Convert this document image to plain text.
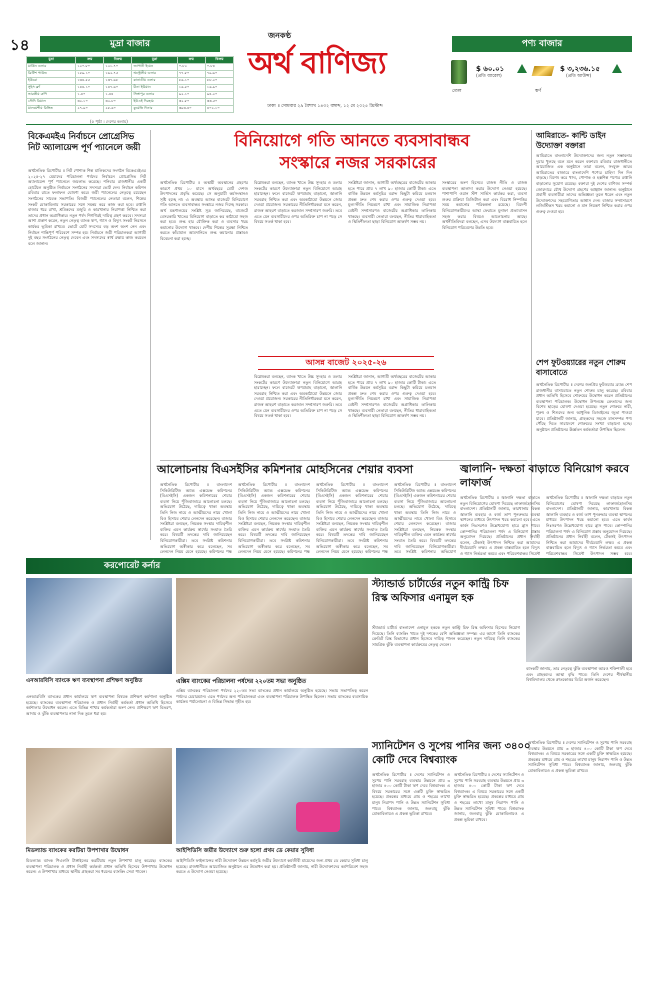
১৪	মুদ্রা বাজার
জনকণ্ঠ
অর্থ বাণিজ্য
পণ্য বাজার
মুদ্রা	ক্রয়	বিক্রয়	মুদ্রা	ক্রয়	বিক্রয়
মার্কিন ডলার	১২০.৮০	১২১.৭০	জাপানী ইয়েন	০.৮২	০.৮৪
ব্রিটিশ পাউন্ড	১৫৯.১০	১৬২.৭৫	অস্ট্রেলীয় ডলার	৭৭.৮০	৭৯.৬০
ইউরো	১৩৪.৫৫	১৩৭.৬৮	কানাডীয় ডলার	৮৬.১০	৮৮.২০
সুইস ফ্রাঁ	১৪৪.১০	১৪৭.৬০	চীনা ইউয়ান	১৬.৫০	১৬.৯০
ভারতীয় রুপি	১.৪০	১.৪৪	সিঙ্গাপুর ডলার	৯২.১০	৯৪.২০
সৌদি রিয়াল	৩২.১০	৩২.৮০	ইউএই দিরহাম	৩২.৮০	৩৩.৫০
মালয়েশীয় রিঙ্গিত	২৭.৯০	২৮.৬০	কুয়েতি দিনার	৩৯৩.৪০	৪০২.১০
(৫ পৃষ্ঠা । দেশের কলাম)
তেল
$ ৬০.০১
(প্রতি ব্যারেল)
স্বর্ণ
$ ৩,২৩৬.১৫
(প্রতি আউন্স)
ঢাকা ॥ সোমবার ২৯ বৈশাখ ১৪৩২ বঙ্গাব্দ, ১২ মে ২০২৫ খ্রিস্টাব্দ
বিকেএমইএ নির্বাচনে প্রোগ্রেসিভ নিট অ্যালায়েন্স পূর্ণ প্যানেলে জয়ী
অর্থনৈতিক রিপোর্টার ॥ নিট পোশাক শিল্প মালিকদের সংগঠন বিকেএমইএর ২০২৫-২৭ মেয়াদের পরিচালনা পর্ষদের নির্বাচনে প্রোগ্রেসিভ নিট অ্যালায়েন্স পূর্ণ প্যানেলে জয়লাভ করেছে। শনিবার রাজধানীর একটি হোটেলে অনুষ্ঠিত নির্বাচনে সংগঠনের সদস্যরা ভোট দেন। নির্বাচন কমিশন রবিবার রাতে ফলাফল ঘোষণা করে। জয়ী প্যানেলের নেতৃত্বে রয়েছেন সংগঠনের সাবেক সভাপতি। বিজয়ী প্যানেলের নেতারা বলেন, শিল্পের সংকট মোকাবিলায় সরকারের সঙ্গে সমন্বয় করে কাজ করা হবে। রপ্তানি বাজার ধরে রাখা, শ্রমিকদের মজুরি ও কারখানার নিরাপত্তা নিশ্চিত করা তাদের প্রধান অগ্রাধিকার। নতুন পর্ষদ শিগগিরই দায়িত্ব গ্রহণ করবে। সদস্যরা আশা প্রকাশ করেন, নতুন নেতৃত্ব ব্যাংক ঋণ, গ্যাস ও বিদ্যুৎ সংকট নিরসনে কার্যকর ভূমিকা রাখবে। ভোটে মোট সদস্যের বড় অংশ অংশ নেন এবং নির্বাচন শান্তিপূর্ণ পরিবেশে সম্পন্ন হয়। নির্বাচনে জয়ী পরিচালকরা আগামী দুই বছর সংগঠনের নেতৃত্ব দেবেন এবং সদস্যদের স্বার্থ রক্ষায় কাজ করবেন বলে জানান।
বিনিয়োগে গতি আনতে ব্যবসাবান্ধব
সংস্কারে নজর সরকারের
অর্থনৈতিক রিপোর্টার ॥ অস্থায়ী অবস্থানের গ্রহণের কারণে প্রথম ১০ মাসে অর্থবছরে মোট দেশজ উৎপাদনের প্রবৃদ্ধি কমেছে। সে অনুযায়ী কর্মসংস্থানও সৃষ্টি হচ্ছে না। এ অবস্থায় আসন্ন বাজেটে বিনিয়োগে গতি আনতে ব্যবসাবান্ধব সংস্কারে নজর দিচ্ছে সরকার। অর্থ মন্ত্রণালয়ের সংশ্লিষ্ট সূত্র জানিয়েছে, বাজেটে বেসরকারি খাতের বিনিয়োগ বাড়াতে কর কাঠামো সহজ করা হবে। শুল্ক হার যৌক্তিক করা ও ব্যবসার খরচ কমানোর উদ্যোগ থাকবে। দেশীয় শিল্পের সুরক্ষা নিশ্চিত করতে কাঁচামাল আমদানিতে শুল্ক কমানোর প্রস্তাবও বিবেচনা করা হচ্ছে।
বিশ্লেষকরা বলছেন, ব্যাংক খাতে উচ্চ সুদহার ও ডলার সংকটের কারণে উদ্যোক্তারা নতুন বিনিয়োগে আগ্রহ হারাচ্ছেন। ফলে বাজেটে ঋণপ্রবাহ বাড়ানো, জ্বালানি সরবরাহ নিশ্চিত করা এবং অবকাঠামো উন্নয়নে জোর দেওয়া প্রয়োজন। সরকারের নীতিনির্ধারকরা মনে করেন, রাজস্ব আহরণ বাড়াতে করজাল সম্প্রসারণ জরুরি। তবে এতে যেন ব্যবসায়ীদের ওপর অতিরিক্ত চাপ না পড়ে সে বিষয়ে সতর্ক থাকা হবে।
সংশ্লিষ্টরা জানান, আগামী অর্থবছরের বাজেটের আকার হতে পারে প্রায় ৭ লাখ ৯০ হাজার কোটি টাকা। এতে বার্ষিক উন্নয়ন কর্মসূচির বরাদ্দ কিছুটা কমিয়ে চলমান প্রকল্প দ্রুত শেষ করার ওপর গুরুত্ব দেওয়া হবে। মূল্যস্ফীতি নিয়ন্ত্রণে রাখা এবং সামাজিক নিরাপত্তা বেষ্টনী সম্প্রসারণও বাজেটের অগ্রাধিকার তালিকায় থাকছে। ব্যবসায়ী নেতারা বলছেন, নীতির ধারাবাহিকতা ও স্থিতিশীলতা ছাড়া বিনিয়োগ আকর্ষণ সম্ভব নয়।
সংস্কারের অংশ হিসেবে রাজস্ব নীতি ও রাজস্ব ব্যবস্থাপনা আলাদা করার উদ্যোগ নেওয়া হয়েছে। পাশাপাশি ওয়ান স্টপ সার্ভিস কার্যকর করা, ব্যবসা শুরুর প্রক্রিয়া ডিজিটাল করা এবং বিরোধ নিষ্পত্তির সময় কমানোর পরিকল্পনা রয়েছে। বিদেশী বিনিয়োগকারীদের আস্থা ফেরাতে মুনাফা প্রত্যাবাসন সহজ করার বিষয়ও আলোচনায় আছে। অর্থনীতিবিদরা বলছেন, এসব উদ্যোগ বাস্তবায়িত হলে বিনিয়োগ পরিবেশের উন্নতি হবে।
আসন্ন বাজেট ২০২৫-২৬
বিশ্লেষকরা বলছেন, ব্যাংক খাতে উচ্চ সুদহার ও ডলার সংকটের কারণে উদ্যোক্তারা নতুন বিনিয়োগে আগ্রহ হারাচ্ছেন। ফলে বাজেটে ঋণপ্রবাহ বাড়ানো, জ্বালানি সরবরাহ নিশ্চিত করা এবং অবকাঠামো উন্নয়নে জোর দেওয়া প্রয়োজন। সরকারের নীতিনির্ধারকরা মনে করেন, রাজস্ব আহরণ বাড়াতে করজাল সম্প্রসারণ জরুরি। তবে এতে যেন ব্যবসায়ীদের ওপর অতিরিক্ত চাপ না পড়ে সে বিষয়ে সতর্ক থাকা হবে।
সংশ্লিষ্টরা জানান, আগামী অর্থবছরের বাজেটের আকার হতে পারে প্রায় ৭ লাখ ৯০ হাজার কোটি টাকা। এতে বার্ষিক উন্নয়ন কর্মসূচির বরাদ্দ কিছুটা কমিয়ে চলমান প্রকল্প দ্রুত শেষ করার ওপর গুরুত্ব দেওয়া হবে। মূল্যস্ফীতি নিয়ন্ত্রণে রাখা এবং সামাজিক নিরাপত্তা বেষ্টনী সম্প্রসারণও বাজেটের অগ্রাধিকার তালিকায় থাকছে। ব্যবসায়ী নেতারা বলছেন, নীতির ধারাবাহিকতা ও স্থিতিশীলতা ছাড়া বিনিয়োগ আকর্ষণ সম্ভব নয়।
আমিরাতে- কান্টি ডাইন উদ্যোক্তা বক্তারা
আমিরাতে বাংলাদেশি উদ্যোক্তাদের জন্য নতুন সম্ভাবনার দুয়ার খুলছে বলে মনে করেন বক্তারা। রবিবার রাজধানীতে আয়োজিত এক অনুষ্ঠানে তারা বলেন, সংযুক্ত আরব আমিরাতের বাজারে বাংলাদেশি পণ্যের চাহিদা দিন দিন বাড়ছে। বিশেষ করে খাদ্য, পোশাক ও হস্তশিল্প পণ্যের রপ্তানি বাড়ানোর সুযোগ রয়েছে। বক্তারা দুই দেশের বাণিজ্য সম্পর্ক জোরদারে যৌথ উদ্যোগ গ্রহণের আহ্বান জানান। অনুষ্ঠানে প্রবাসী ব্যবসায়ীরা তাদের অভিজ্ঞতা তুলে ধরেন এবং নতুন উদ্যোক্তাদের সহযোগিতার আশ্বাস দেন। বাজার সম্প্রসারণে লজিস্টিকস খরচ কমানো ও মান নিয়ন্ত্রণ নিশ্চিত করার ওপর গুরুত্ব দেওয়া হয়।
শেপ ফুটওয়্যারের নতুন শোরুম বাসাবোতে
অর্থনৈতিক রিপোর্টার ॥ দেশের জনপ্রিয় ফুটওয়্যার ব্র্যান্ড শেপ রাজধানীর বাসাবোতে নতুন শোরুম চালু করেছে। রবিবার প্রধান অতিথি হিসেবে শোরুমের উদ্বোধন করেন প্রতিষ্ঠানের ব্যবস্থাপনা পরিচালক। উদ্বোধন উপলক্ষে ক্রেতাদের জন্য বিশেষ ছাড়ের ঘোষণা দেওয়া হয়েছে। নতুন শোরুমে নারী, পুরুষ ও শিশুদের জন্য আধুনিক ডিজাইনের জুতা পাওয়া যাবে। প্রতিষ্ঠানটি জানায়, গ্রাহকদের সহজে মানসম্পন্ন পণ্য পৌঁছে দিতে সারাদেশে শোরুমের সংখ্যা বাড়ানো হচ্ছে। অনুষ্ঠানে প্রতিষ্ঠানের ঊর্ধ্বতন কর্মকর্তারা উপস্থিত ছিলেন।
আলোচনায় বিএসইসির কমিশনার মোহসিনের শেয়ার ব্যবসা
অর্থনৈতিক রিপোর্টার ॥ বাংলাদেশ সিকিউরিটিজ অ্যান্ড এক্সচেঞ্জ কমিশনের (বিএসইসি) একজন কমিশনারের শেয়ার ব্যবসা নিয়ে পুঁজিবাজারে আলোচনা চলছে। অভিযোগ উঠেছে, দায়িত্বে থাকা অবস্থায় তিনি নিজ নামে ও আত্মীয়দের নামে খোলা বিও হিসাবে শেয়ার লেনদেন করেছেন। বাজার সংশ্লিষ্টরা বলছেন, নিয়ন্ত্রক সংস্থার দায়িত্বশীল ব্যক্তির এমন কার্যক্রম স্বার্থের সংঘাত তৈরি করে। বিষয়টি তদন্তের দাবি জানিয়েছেন বিনিয়োগকারীরা। তবে সংশ্লিষ্ট কমিশনার অভিযোগ অস্বীকার করে বলেছেন, সব লেনদেন নিয়ম মেনে হয়েছে। কমিশনের পক্ষ
অর্থনৈতিক রিপোর্টার ॥ বাংলাদেশ সিকিউরিটিজ অ্যান্ড এক্সচেঞ্জ কমিশনের (বিএসইসি) একজন কমিশনারের শেয়ার ব্যবসা নিয়ে পুঁজিবাজারে আলোচনা চলছে। অভিযোগ উঠেছে, দায়িত্বে থাকা অবস্থায় তিনি নিজ নামে ও আত্মীয়দের নামে খোলা বিও হিসাবে শেয়ার লেনদেন করেছেন। বাজার সংশ্লিষ্টরা বলছেন, নিয়ন্ত্রক সংস্থার দায়িত্বশীল ব্যক্তির এমন কার্যক্রম স্বার্থের সংঘাত তৈরি করে। বিষয়টি তদন্তের দাবি জানিয়েছেন বিনিয়োগকারীরা। তবে সংশ্লিষ্ট কমিশনার অভিযোগ অস্বীকার করে বলেছেন, সব লেনদেন নিয়ম মেনে হয়েছে। কমিশনের পক্ষ
অর্থনৈতিক রিপোর্টার ॥ বাংলাদেশ সিকিউরিটিজ অ্যান্ড এক্সচেঞ্জ কমিশনের (বিএসইসি) একজন কমিশনারের শেয়ার ব্যবসা নিয়ে পুঁজিবাজারে আলোচনা চলছে। অভিযোগ উঠেছে, দায়িত্বে থাকা অবস্থায় তিনি নিজ নামে ও আত্মীয়দের নামে খোলা বিও হিসাবে শেয়ার লেনদেন করেছেন। বাজার সংশ্লিষ্টরা বলছেন, নিয়ন্ত্রক সংস্থার দায়িত্বশীল ব্যক্তির এমন কার্যক্রম স্বার্থের সংঘাত তৈরি করে। বিষয়টি তদন্তের দাবি জানিয়েছেন বিনিয়োগকারীরা। তবে সংশ্লিষ্ট কমিশনার অভিযোগ অস্বীকার করে বলেছেন, সব লেনদেন নিয়ম মেনে হয়েছে। কমিশনের পক্ষ
অর্থনৈতিক রিপোর্টার ॥ বাংলাদেশ সিকিউরিটিজ অ্যান্ড এক্সচেঞ্জ কমিশনের (বিএসইসি) একজন কমিশনারের শেয়ার ব্যবসা নিয়ে পুঁজিবাজারে আলোচনা চলছে। অভিযোগ উঠেছে, দায়িত্বে থাকা অবস্থায় তিনি নিজ নামে ও আত্মীয়দের নামে খোলা বিও হিসাবে শেয়ার লেনদেন করেছেন। বাজার সংশ্লিষ্টরা বলছেন, নিয়ন্ত্রক সংস্থার দায়িত্বশীল ব্যক্তির এমন কার্যক্রম স্বার্থের সংঘাত তৈরি করে। বিষয়টি তদন্তের দাবি জানিয়েছেন বিনিয়োগকারীরা। তবে সংশ্লিষ্ট কমিশনার অভিযোগ
জ্বালানি- দক্ষতা বাড়াতে বিনিয়োগ করবে লাফার্জ
অর্থনৈতিক রিপোর্টার ॥ জ্বালানি দক্ষতা বাড়াতে নতুন বিনিয়োগের ঘোষণা দিয়েছে লাফার্জহোলসিম বাংলাদেশ। প্রতিষ্ঠানটি জানায়, কারখানায় বিকল্প জ্বালানি ব্যবহার ও বর্জ্য তাপ পুনরুদ্ধার ব্যবস্থা স্থাপনের মাধ্যমে উৎপাদন খরচ কমানো হবে। এতে কার্বন নিঃসরণও উল্লেখযোগ্য হারে হ্রাস পাবে। কোম্পানির পরিচালনা পর্ষদ এ বিনিয়োগ প্রস্তাব অনুমোদন দিয়েছে। প্রতিষ্ঠানের প্রধান নির্বাহী বলেন, টেকসই উৎপাদন নিশ্চিত করা আমাদের দীর্ঘমেয়াদি লক্ষ্য। এ প্রকল্প বাস্তবায়িত হলে বিদ্যুৎ ও গ্যাস নির্ভরতা কমবে এবং পরিবেশবান্ধব সিমেন্ট
অর্থনৈতিক রিপোর্টার ॥ জ্বালানি দক্ষতা বাড়াতে নতুন বিনিয়োগের ঘোষণা দিয়েছে লাফার্জহোলসিম বাংলাদেশ। প্রতিষ্ঠানটি জানায়, কারখানায় বিকল্প জ্বালানি ব্যবহার ও বর্জ্য তাপ পুনরুদ্ধার ব্যবস্থা স্থাপনের মাধ্যমে উৎপাদন খরচ কমানো হবে। এতে কার্বন নিঃসরণও উল্লেখযোগ্য হারে হ্রাস পাবে। কোম্পানির পরিচালনা পর্ষদ এ বিনিয়োগ প্রস্তাব অনুমোদন দিয়েছে। প্রতিষ্ঠানের প্রধান নির্বাহী বলেন, টেকসই উৎপাদন নিশ্চিত করা আমাদের দীর্ঘমেয়াদি লক্ষ্য। এ প্রকল্প বাস্তবায়িত হলে বিদ্যুৎ ও গ্যাস নির্ভরতা কমবে এবং পরিবেশবান্ধব সিমেন্ট উৎপাদন সম্ভব হবে।
করপোরেট কর্নার
স্ট্যান্ডার্ড চার্টার্ডের নতুন কান্ট্রি চিফ রিস্ক অফিসার এনামুল হক
স্ট্যান্ডার্ড চার্টার্ড বাংলাদেশ এনামুল হককে নতুন কান্ট্রি চিফ রিস্ক অফিসার হিসেবে নিয়োগ দিয়েছে। তিনি ব্যাংকিং খাতে দুই দশকের বেশি অভিজ্ঞতা সম্পন্ন। এর আগে তিনি ব্যাংকের ক্রেডিট রিস্ক বিভাগের প্রধান হিসেবে দায়িত্ব পালন করেছেন। নতুন দায়িত্বে তিনি ব্যাংকের সামগ্রিক ঝুঁকি ব্যবস্থাপনা কার্যক্রমের নেতৃত্ব দেবেন।
ব্যাংকটি জানায়, তার নেতৃত্বে ঝুঁকি ব্যবস্থাপনা আরও শক্তিশালী হবে এবং গ্রাহকদের আস্থা বৃদ্ধি পাবে। তিনি দেশের শীর্ষস্থানীয় বিশ্ববিদ্যালয় থেকে স্নাতকোত্তর ডিগ্রি অর্জন করেছেন।
এনআরবিসি ব্যাংকে ঋণ ব্যবস্থাপনা প্রশিক্ষণ অনুষ্ঠিত
এনআরবিসি ব্যাংকের প্রধান কার্যালয়ে ঋণ ব্যবস্থাপনা বিষয়ক প্রশিক্ষণ কর্মশালা অনুষ্ঠিত হয়েছে। ব্যাংকের ব্যবস্থাপনা পরিচালক ও প্রধান নির্বাহী কর্মকর্তা প্রধান অতিথি হিসেবে কর্মশালার উদ্বোধন করেন। এতে বিভিন্ন শাখার কর্মকর্তারা অংশ নেন। প্রশিক্ষণে ঋণ বিতরণ, আদায় ও ঝুঁকি ব্যবস্থাপনার নানা দিক তুলে ধরা হয়।
এক্সিম ব্যাংকের পরিচালনা পর্ষদের ২২০তম সভা অনুষ্ঠিত
এক্সিম ব্যাংকের পরিচালনা পর্ষদের ২২০তম সভা ব্যাংকের প্রধান কার্যালয়ে অনুষ্ঠিত হয়েছে। সভায় সভাপতিত্ব করেন পর্ষদের চেয়ারম্যান। এতে পর্ষদের অন্য পরিচালকরা এবং ব্যবস্থাপনা পরিচালক উপস্থিত ছিলেন। সভায় ব্যাংকের ব্যবসায়িক কার্যক্রম পর্যালোচনা ও বিভিন্ন সিদ্ধান্ত গৃহীত হয়।
স্যানিটেশন ও সুপেয় পানির জন্য ৩৪০০ কোটি দেবে বিশ্বব্যাংক
অর্থনৈতিক রিপোর্টার ॥ দেশের স্যানিটেশন ও সুপেয় পানি সরবরাহ ব্যবস্থার উন্নয়নে প্রায় ৩ হাজার ৪০০ কোটি টাকা ঋণ দেবে বিশ্বব্যাংক। এ বিষয়ে সরকারের সঙ্গে একটি চুক্তি স্বাক্ষরিত হয়েছে। প্রকল্পের মাধ্যমে গ্রাম ও শহরের লাখো মানুষ নিরাপদ পানি ও উন্নত স্যানিটেশন সুবিধা পাবে। বিশ্বব্যাংক জানায়, জলবায়ু ঝুঁকি মোকাবিলায়ও এ প্রকল্প ভূমিকা রাখবে।
অর্থনৈতিক রিপোর্টার ॥ দেশের স্যানিটেশন ও সুপেয় পানি সরবরাহ ব্যবস্থার উন্নয়নে প্রায় ৩ হাজার ৪০০ কোটি টাকা ঋণ দেবে বিশ্বব্যাংক। এ বিষয়ে সরকারের সঙ্গে একটি চুক্তি স্বাক্ষরিত হয়েছে। প্রকল্পের মাধ্যমে গ্রাম ও শহরের লাখো মানুষ নিরাপদ পানি ও উন্নত স্যানিটেশন সুবিধা পাবে। বিশ্বব্যাংক জানায়, জলবায়ু ঝুঁকি মোকাবিলায়ও এ প্রকল্প ভূমিকা রাখবে।
অর্থনৈতিক রিপোর্টার ॥ দেশের স্যানিটেশন ও সুপেয় পানি সরবরাহ ব্যবস্থার উন্নয়নে প্রায় ৩ হাজার ৪০০ কোটি টাকা ঋণ দেবে বিশ্বব্যাংক। এ বিষয়ে সরকারের সঙ্গে একটি চুক্তি স্বাক্ষরিত হয়েছে। প্রকল্পের মাধ্যমে গ্রাম ও শহরের লাখো মানুষ নিরাপদ পানি ও উন্নত স্যানিটেশন সুবিধা পাবে। বিশ্বব্যাংক জানায়, জলবায়ু ঝুঁকি মোকাবিলায়ও এ প্রকল্প ভূমিকা রাখবে।
মিডল্যান্ড ব্যাংকের করটিয়া উপশাখার উদ্বোধন
মিডল্যান্ড ব্যাংক পিএলসি টাঙ্গাইলের করটিয়ায় নতুন উপশাখা চালু করেছে। ব্যাংকের ব্যবস্থাপনা পরিচালক ও প্রধান নির্বাহী কর্মকর্তা প্রধান অতিথি হিসেবে উপশাখার উদ্বোধন করেন। এ উপশাখার মাধ্যমে স্থানীয় গ্রাহকরা সব ধরনের ব্যাংকিং সেবা পাবেন।
আইপিডিসি জয়ীর উদ্যোগে শুরু হলো প্রথম ডে কেয়ার সুবিধা
আইপিডিসি ফাইন্যান্সের নারী উদ্যোক্তা উন্নয়ন কর্মসূচি জয়ীর উদ্যোগে কর্মজীবী মায়েদের জন্য প্রথম ডে কেয়ার সুবিধা চালু হয়েছে। রাজধানীতে আয়োজিত অনুষ্ঠানে এর উদ্বোধন করা হয়। প্রতিষ্ঠানটি জানায়, নারী উদ্যোক্তাদের কর্মপরিবেশ সহজ করতে এ উদ্যোগ নেওয়া হয়েছে।
